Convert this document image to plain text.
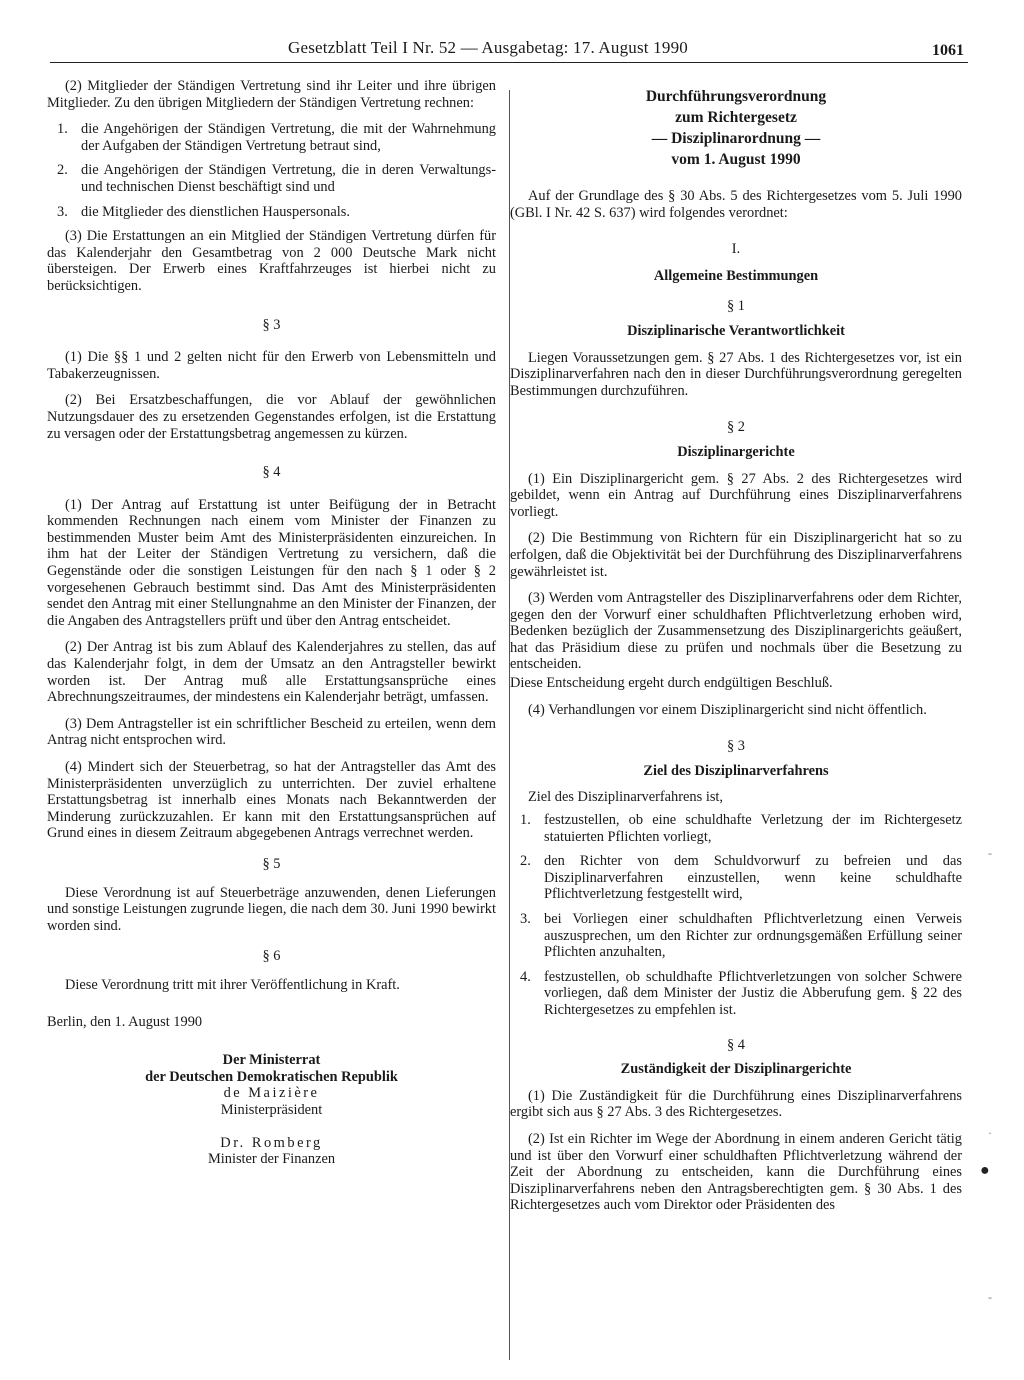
Gesetzblatt Teil I Nr. 52 — Ausgabetag: 17. August 1990	1061

(2) Mitglieder der Ständigen Vertretung sind ihr Leiter und ihre übrigen Mitglieder. Zu den übrigen Mitgliedern der Ständigen Vertretung rechnen:

1. die Angehörigen der Ständigen Vertretung, die mit der Wahrnehmung der Aufgaben der Ständigen Vertretung betraut sind,
2. die Angehörigen der Ständigen Vertretung, die in deren Verwaltungs- und technischen Dienst beschäftigt sind und
3. die Mitglieder des dienstlichen Hauspersonals.

(3) Die Erstattungen an ein Mitglied der Ständigen Vertretung dürfen für das Kalenderjahr den Gesamtbetrag von 2 000 Deutsche Mark nicht übersteigen. Der Erwerb eines Kraftfahrzeuges ist hierbei nicht zu berücksichtigen.

§ 3

(1) Die §§ 1 und 2 gelten nicht für den Erwerb von Lebensmitteln und Tabakerzeugnissen.

(2) Bei Ersatzbeschaffungen, die vor Ablauf der gewöhnlichen Nutzungsdauer des zu ersetzenden Gegenstandes erfolgen, ist die Erstattung zu versagen oder der Erstattungsbetrag angemessen zu kürzen.

§ 4

(1) Der Antrag auf Erstattung ist unter Beifügung der in Betracht kommenden Rechnungen nach einem vom Minister der Finanzen zu bestimmenden Muster beim Amt des Ministerpräsidenten einzureichen. In ihm hat der Leiter der Ständigen Vertretung zu versichern, daß die Gegenstände oder die sonstigen Leistungen für den nach § 1 oder § 2 vorgesehenen Gebrauch bestimmt sind. Das Amt des Ministerpräsidenten sendet den Antrag mit einer Stellungnahme an den Minister der Finanzen, der die Angaben des Antragstellers prüft und über den Antrag entscheidet.

(2) Der Antrag ist bis zum Ablauf des Kalenderjahres zu stellen, das auf das Kalenderjahr folgt, in dem der Umsatz an den Antragsteller bewirkt worden ist. Der Antrag muß alle Erstattungsansprüche eines Abrechnungszeitraumes, der mindestens ein Kalenderjahr beträgt, umfassen.

(3) Dem Antragsteller ist ein schriftlicher Bescheid zu erteilen, wenn dem Antrag nicht entsprochen wird.

(4) Mindert sich der Steuerbetrag, so hat der Antragsteller das Amt des Ministerpräsidenten unverzüglich zu unterrichten. Der zuviel erhaltene Erstattungsbetrag ist innerhalb eines Monats nach Bekanntwerden der Minderung zurückzuzahlen. Er kann mit den Erstattungsansprüchen auf Grund eines in diesem Zeitraum abgegebenen Antrags verrechnet werden.

§ 5

Diese Verordnung ist auf Steuerbeträge anzuwenden, denen Lieferungen und sonstige Leistungen zugrunde liegen, die nach dem 30. Juni 1990 bewirkt worden sind.

§ 6

Diese Verordnung tritt mit ihrer Veröffentlichung in Kraft.

Berlin, den 1. August 1990

Der Ministerrat
der Deutschen Demokratischen Republik
de Maizière
Ministerpräsident
Dr. Romberg
Minister der Finanzen
Durchführungsverordnung
zum Richtergesetz
— Disziplinarordnung —
vom 1. August 1990

Auf der Grundlage des § 30 Abs. 5 des Richtergesetzes vom 5. Juli 1990 (GBl. I Nr. 42 S. 637) wird folgendes verordnet:

I.
Allgemeine Bestimmungen
§ 1
Disziplinarische Verantwortlichkeit

Liegen Voraussetzungen gem. § 27 Abs. 1 des Richtergesetzes vor, ist ein Disziplinarverfahren nach den in dieser Durchführungsverordnung geregelten Bestimmungen durchzuführen.

§ 2
Disziplinargerichte

(1) Ein Disziplinargericht gem. § 27 Abs. 2 des Richtergesetzes wird gebildet, wenn ein Antrag auf Durchführung eines Disziplinarverfahrens vorliegt.

(2) Die Bestimmung von Richtern für ein Disziplinargericht hat so zu erfolgen, daß die Objektivität bei der Durchführung des Disziplinarverfahrens gewährleistet ist.

(3) Werden vom Antragsteller des Disziplinarverfahrens oder dem Richter, gegen den der Vorwurf einer schuldhaften Pflichtverletzung erhoben wird, Bedenken bezüglich der Zusammensetzung des Disziplinargerichts geäußert, hat das Präsidium diese zu prüfen und nochmals über die Besetzung zu entscheiden.

Diese Entscheidung ergeht durch endgültigen Beschluß.

(4) Verhandlungen vor einem Disziplinargericht sind nicht öffentlich.

§ 3
Ziel des Disziplinarverfahrens

Ziel des Disziplinarverfahrens ist,

1. festzustellen, ob eine schuldhafte Verletzung der im Richtergesetz statuierten Pflichten vorliegt,
2. den Richter von dem Schuldvorwurf zu befreien und das Disziplinarverfahren einzustellen, wenn keine schuldhafte Pflichtverletzung festgestellt wird,
3. bei Vorliegen einer schuldhaften Pflichtverletzung einen Verweis auszusprechen, um den Richter zur ordnungsgemäßen Erfüllung seiner Pflichten anzuhalten,
4. festzustellen, ob schuldhafte Pflichtverletzungen von solcher Schwere vorliegen, daß dem Minister der Justiz die Abberufung gem. § 22 des Richtergesetzes zu empfehlen ist.
§ 4
Zuständigkeit der Disziplinargerichte

(1) Die Zuständigkeit für die Durchführung eines Disziplinarverfahrens ergibt sich aus § 27 Abs. 3 des Richtergesetzes.

(2) Ist ein Richter im Wege der Abordnung in einem anderen Gericht tätig und ist über den Vorwurf einer schuldhaften Pflichtverletzung während der Zeit der Abordnung zu entscheiden, kann die Durchführung eines Disziplinarverfahrens neben den Antragsberechtigten gem. § 30 Abs. 1 des Richtergesetzes auch vom Direktor oder Präsidenten des

-
·
●
-
